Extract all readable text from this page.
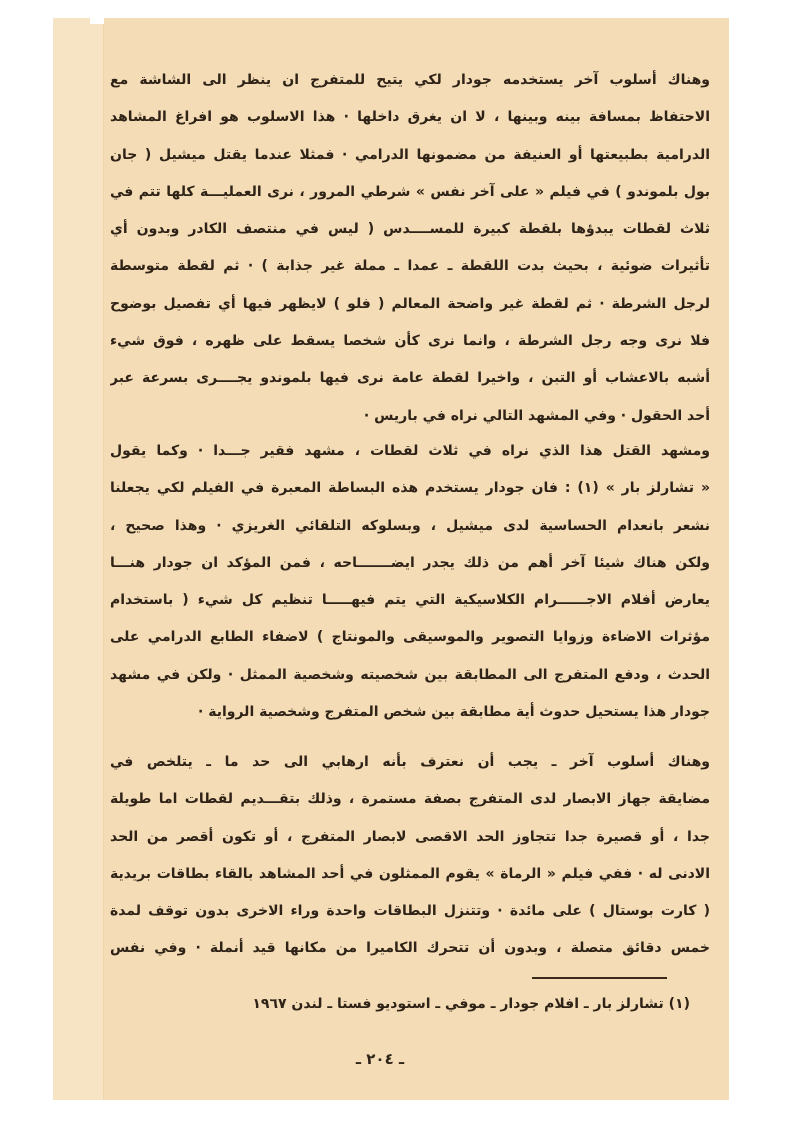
وهناك أسلوب آخر يستخدمه جودار لكي يتيح للمتفرج ان ينظر الى الشاشة مع
الاحتفاظ بمسافة بينه وبينها ، لا ان يغرق داخلها · هذا الاسلوب هو افراغ المشاهد
الدرامية بطبيعتها أو العنيفة من مضمونها الدرامي · فمثلا عندما يقتل ميشيل ( جان
بول بلموندو ) في فيلم « على آخر نفس » شرطي المرور ، نرى العمليـــة كلها تتم في
ثلاث لقطات يبدؤها بلقطة كبيرة للمســــدس ( ليس في منتصف الكادر وبدون أي
تأثيرات ضوئية ، بحيث بدت اللقطة ـ عمدا ـ مملة غير جذابة ) · ثم لقطة متوسطة
لرجل الشرطة · ثم لقطة غير واضحة المعالم ( فلو ) لايظهر فيها أي تفصيل بوضوح
فلا نرى وجه رجل الشرطة ، وانما نرى كأن شخصا يسقط على ظهره ، فوق شيء
أشبه بالاعشاب أو التبن ، واخيرا لقطة عامة نرى فيها بلموندو يجــــرى بسرعة عبر
أحد الحقول · وفي المشهد التالي نراه في باريس ·
ومشهد القتل هذا الذي نراه في ثلاث لقطات ، مشهد فقير جـــدا · وكما يقول
« تشارلز بار » (١) : فان جودار يستخدم هذه البساطة المعبرة في الفيلم لكي يجعلنا
نشعر بانعدام الحساسية لدى ميشيل ، وبسلوكه التلقائي الغريزي · وهذا صحيح ،
ولكن هناك شيئا آخر أهم من ذلك يجدر ايضـــــــاحه ، فمن المؤكد ان جودار هنـــا
يعارض أفلام الاجــــــرام الكلاسيكية التي يتم فيهـــــا تنظيم كل شيء ( باستخدام
مؤثرات الاضاءة وزوايا التصوير والموسيقى والمونتاج ) لاضفاء الطابع الدرامي على
الحدث ، ودفع المتفرج الى المطابقة بين شخصيته وشخصية الممثل · ولكن في مشهد
جودار هذا يستحيل حدوث أية مطابقة بين شخص المتفرج وشخصية الرواية ·
وهناك أسلوب آخر ـ يجب أن نعترف بأنه ارهابي الى حد ما ـ يتلخص في
مضايقة جهاز الابصار لدى المتفرج بصفة مستمرة ، وذلك بتقـــديم لقطات اما طويلة
جدا ، أو قصيرة جدا تتجاوز الحد الاقصى لابصار المتفرج ، أو تكون أقصر من الحد
الادنى له · ففي فيلم « الرماة » يقوم الممثلون في أحد المشاهد بالقاء بطاقات بريدية
( كارت بوستال ) على مائدة · وتتنزل البطاقات واحدة وراء الاخرى بدون توقف لمدة
خمس دقائق متصلة ، وبدون أن تتحرك الكاميرا من مكانها قيد أنملة · وفي نفس
(١) تشارلز بار ـ افلام جودار ـ موفي ـ استوديو فستا ـ لندن ١٩٦٧
ـ ٢٠٤ ـ
